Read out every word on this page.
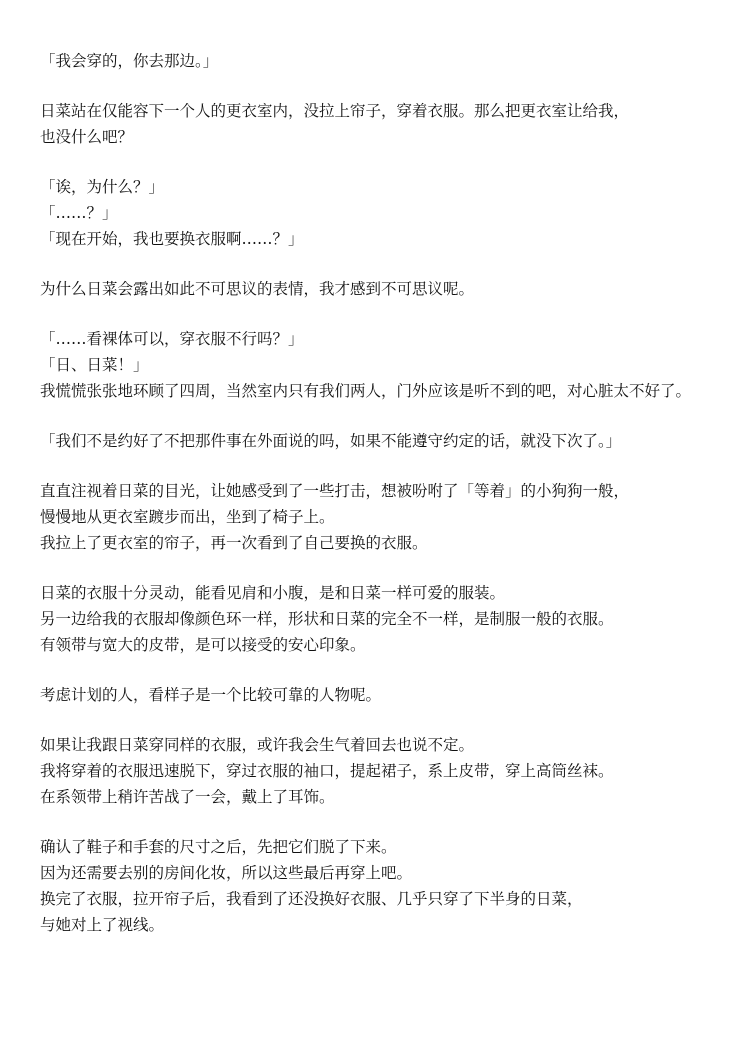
「我会穿的，你去那边。」
日菜站在仅能容下一个人的更衣室内，没拉上帘子，穿着衣服。那么把更衣室让给我，
也没什么吧？
「诶，为什么？」
「……？」
「现在开始，我也要换衣服啊……？」
为什么日菜会露出如此不可思议的表情，我才感到不可思议呢。
「……看裸体可以，穿衣服不行吗？」
「日、日菜！」
我慌慌张张地环顾了四周，当然室内只有我们两人，门外应该是听不到的吧，对心脏太不好了。
「我们不是约好了不把那件事在外面说的吗，如果不能遵守约定的话，就没下次了。」
直直注视着日菜的目光，让她感受到了一些打击，想被吩咐了「等着」的小狗狗一般，
慢慢地从更衣室踱步而出，坐到了椅子上。
我拉上了更衣室的帘子，再一次看到了自己要换的衣服。
日菜的衣服十分灵动，能看见肩和小腹，是和日菜一样可爱的服装。
另一边给我的衣服却像颜色环一样，形状和日菜的完全不一样，是制服一般的衣服。
有领带与宽大的皮带，是可以接受的安心印象。
考虑计划的人，看样子是一个比较可靠的人物呢。
如果让我跟日菜穿同样的衣服，或许我会生气着回去也说不定。
我将穿着的衣服迅速脱下，穿过衣服的袖口，提起裙子，系上皮带，穿上高筒丝袜。
在系领带上稍许苦战了一会，戴上了耳饰。
确认了鞋子和手套的尺寸之后，先把它们脱了下来。
因为还需要去别的房间化妆，所以这些最后再穿上吧。
换完了衣服，拉开帘子后，我看到了还没换好衣服、几乎只穿了下半身的日菜，
与她对上了视线。
